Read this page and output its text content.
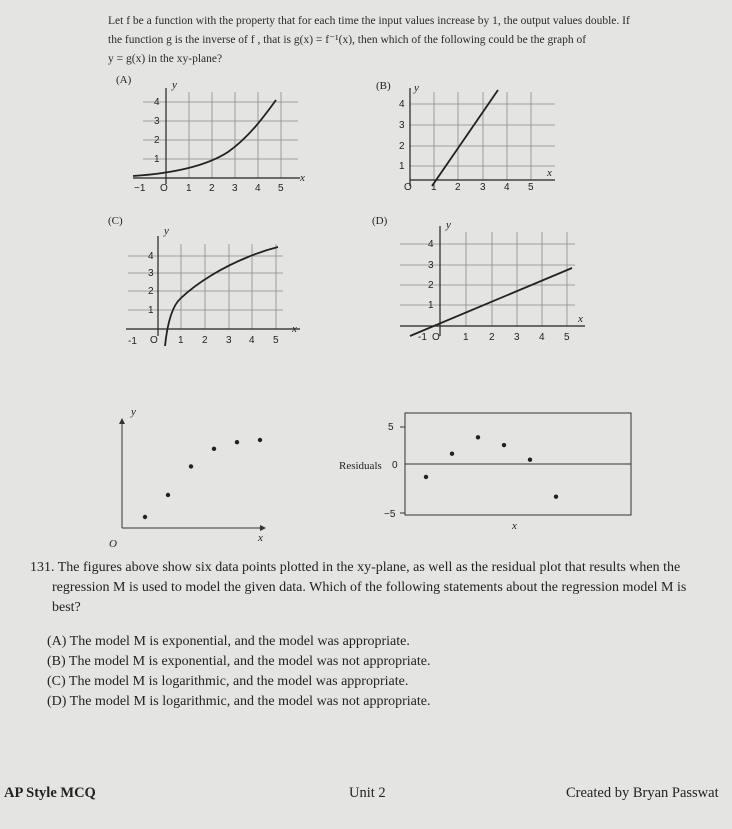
Let f be a function with the property that for each time the input values increase by 1, the output values double. If
the function g is the inverse of f , that is g(x) = f⁻¹(x), then which of the following could be the graph of
y = g(x) in the xy-plane?
(A)	y
x
4
3
2
1
−1 O 1 2 3 4 5
(B) y
x
4
3
2
1
O 1 2 3 4 5
(C)
y
x
4
3
2
1
-1 O 1 2 3 4 5
(D)	y
x
4
3
2
1
-1 O 1 2 3 4 5
y
x
O
Residuals
5
0
−5
x
131. The figures above show six data points plotted in the xy-plane, as well as the residual plot that results when the
regression M is used to model the given data. Which of the following statements about the regression model M is
best?
(A) The model M is exponential, and the model was appropriate.
(B) The model M is exponential, and the model was not appropriate.
(C) The model M is logarithmic, and the model was appropriate.
(D) The model M is logarithmic, and the model was not appropriate.
AP Style MCQ	Unit 2	Created by Bryan Passwat
